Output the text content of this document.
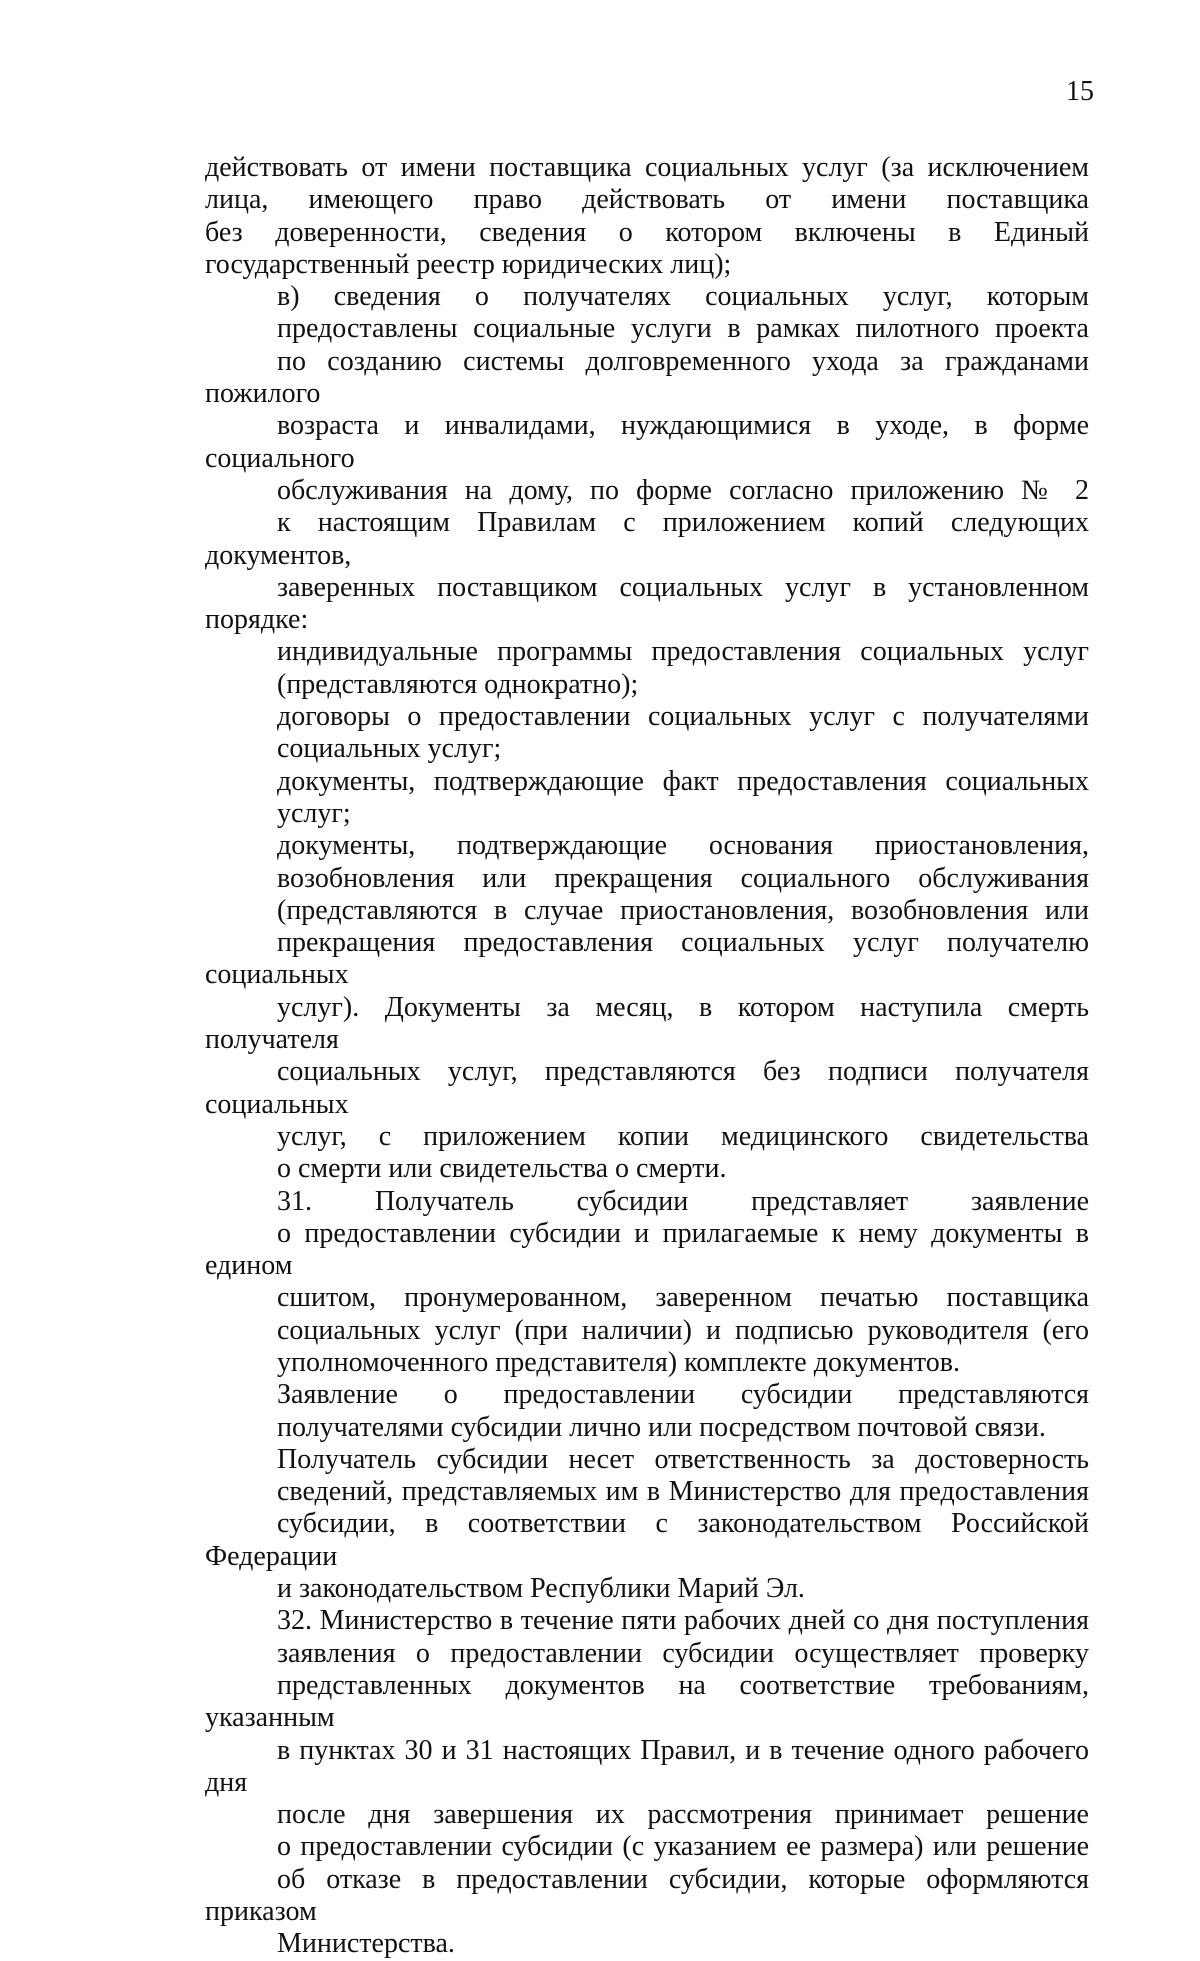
15
действовать от имени поставщика социальных услуг (за исключением
лица, имеющего право действовать от имени поставщика
без доверенности, сведения о котором включены в Единый
государственный реестр юридических лиц);
в) сведения о получателях социальных услуг, которым
предоставлены социальные услуги в рамках пилотного проекта
по созданию системы долговременного ухода за гражданами пожилого
возраста и инвалидами, нуждающимися в уходе, в форме социального
обслуживания на дому, по форме согласно приложению № 2
к настоящим Правилам с приложением копий следующих документов,
заверенных поставщиком социальных услуг в установленном порядке:
индивидуальные программы предоставления социальных услуг
(представляются однократно);
договоры о предоставлении социальных услуг с получателями
социальных услуг;
документы, подтверждающие факт предоставления социальных
услуг;
документы, подтверждающие основания приостановления,
возобновления или прекращения социального обслуживания
(представляются в случае приостановления, возобновления или
прекращения предоставления социальных услуг получателю социальных
услуг). Документы за месяц, в котором наступила смерть получателя
социальных услуг, представляются без подписи получателя социальных
услуг, с приложением копии медицинского свидетельства
о смерти или свидетельства о смерти.
31. Получатель субсидии представляет заявление
о предоставлении субсидии и прилагаемые к нему документы в едином
сшитом, пронумерованном, заверенном печатью поставщика
социальных услуг (при наличии) и подписью руководителя (его
уполномоченного представителя) комплекте документов.
Заявление о предоставлении субсидии представляются
получателями субсидии лично или посредством почтовой связи.
Получатель субсидии несет ответственность за достоверность
сведений, представляемых им в Министерство для предоставления
субсидии, в соответствии с законодательством Российской Федерации
и законодательством Республики Марий Эл.
32. Министерство в течение пяти рабочих дней со дня поступления
заявления о предоставлении субсидии осуществляет проверку
представленных документов на соответствие требованиям, указанным
в пунктах 30 и 31 настоящих Правил, и в течение одного рабочего дня
после дня завершения их рассмотрения принимает решение
о предоставлении субсидии (с указанием ее размера) или решение
об отказе в предоставлении субсидии, которые оформляются приказом
Министерства.
